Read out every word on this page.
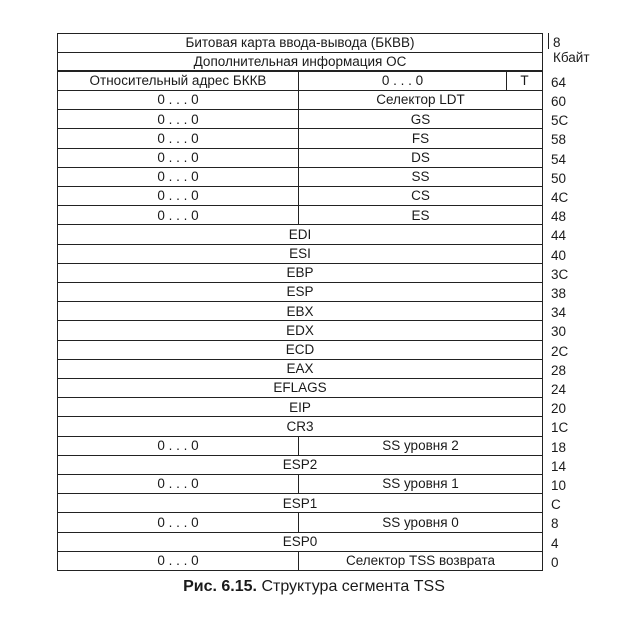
Битовая карта ввода-вывода (БКВВ)	8 Кбайт
Дополнительная информация ОС
Относительный адрес БККВ	0 . . . 0	T 64
0 . . . 0	Селектор LDT	60
0 . . . 0	GS	5C
0 . . . 0	FS	58
0 . . . 0	DS	54
0 . . . 0	SS	50
0 . . . 0	CS	4C
0 . . . 0	ES	48
EDI	44
ESI	40
EBP	3C
ESP	38
EBX	34
EDX	30
ECD	2C
EAX	28
EFLAGS	24
EIP	20
CR3	1C
0 . . . 0	SS уровня 2	18
ESP2	14
0 . . . 0	SS уровня 1	10
ESP1	C
0 . . . 0	SS уровня 0	8
ESP0	4
0 . . . 0	Селектор TSS возврата	0
Рис. 6.15. Структура сегмента TSS
